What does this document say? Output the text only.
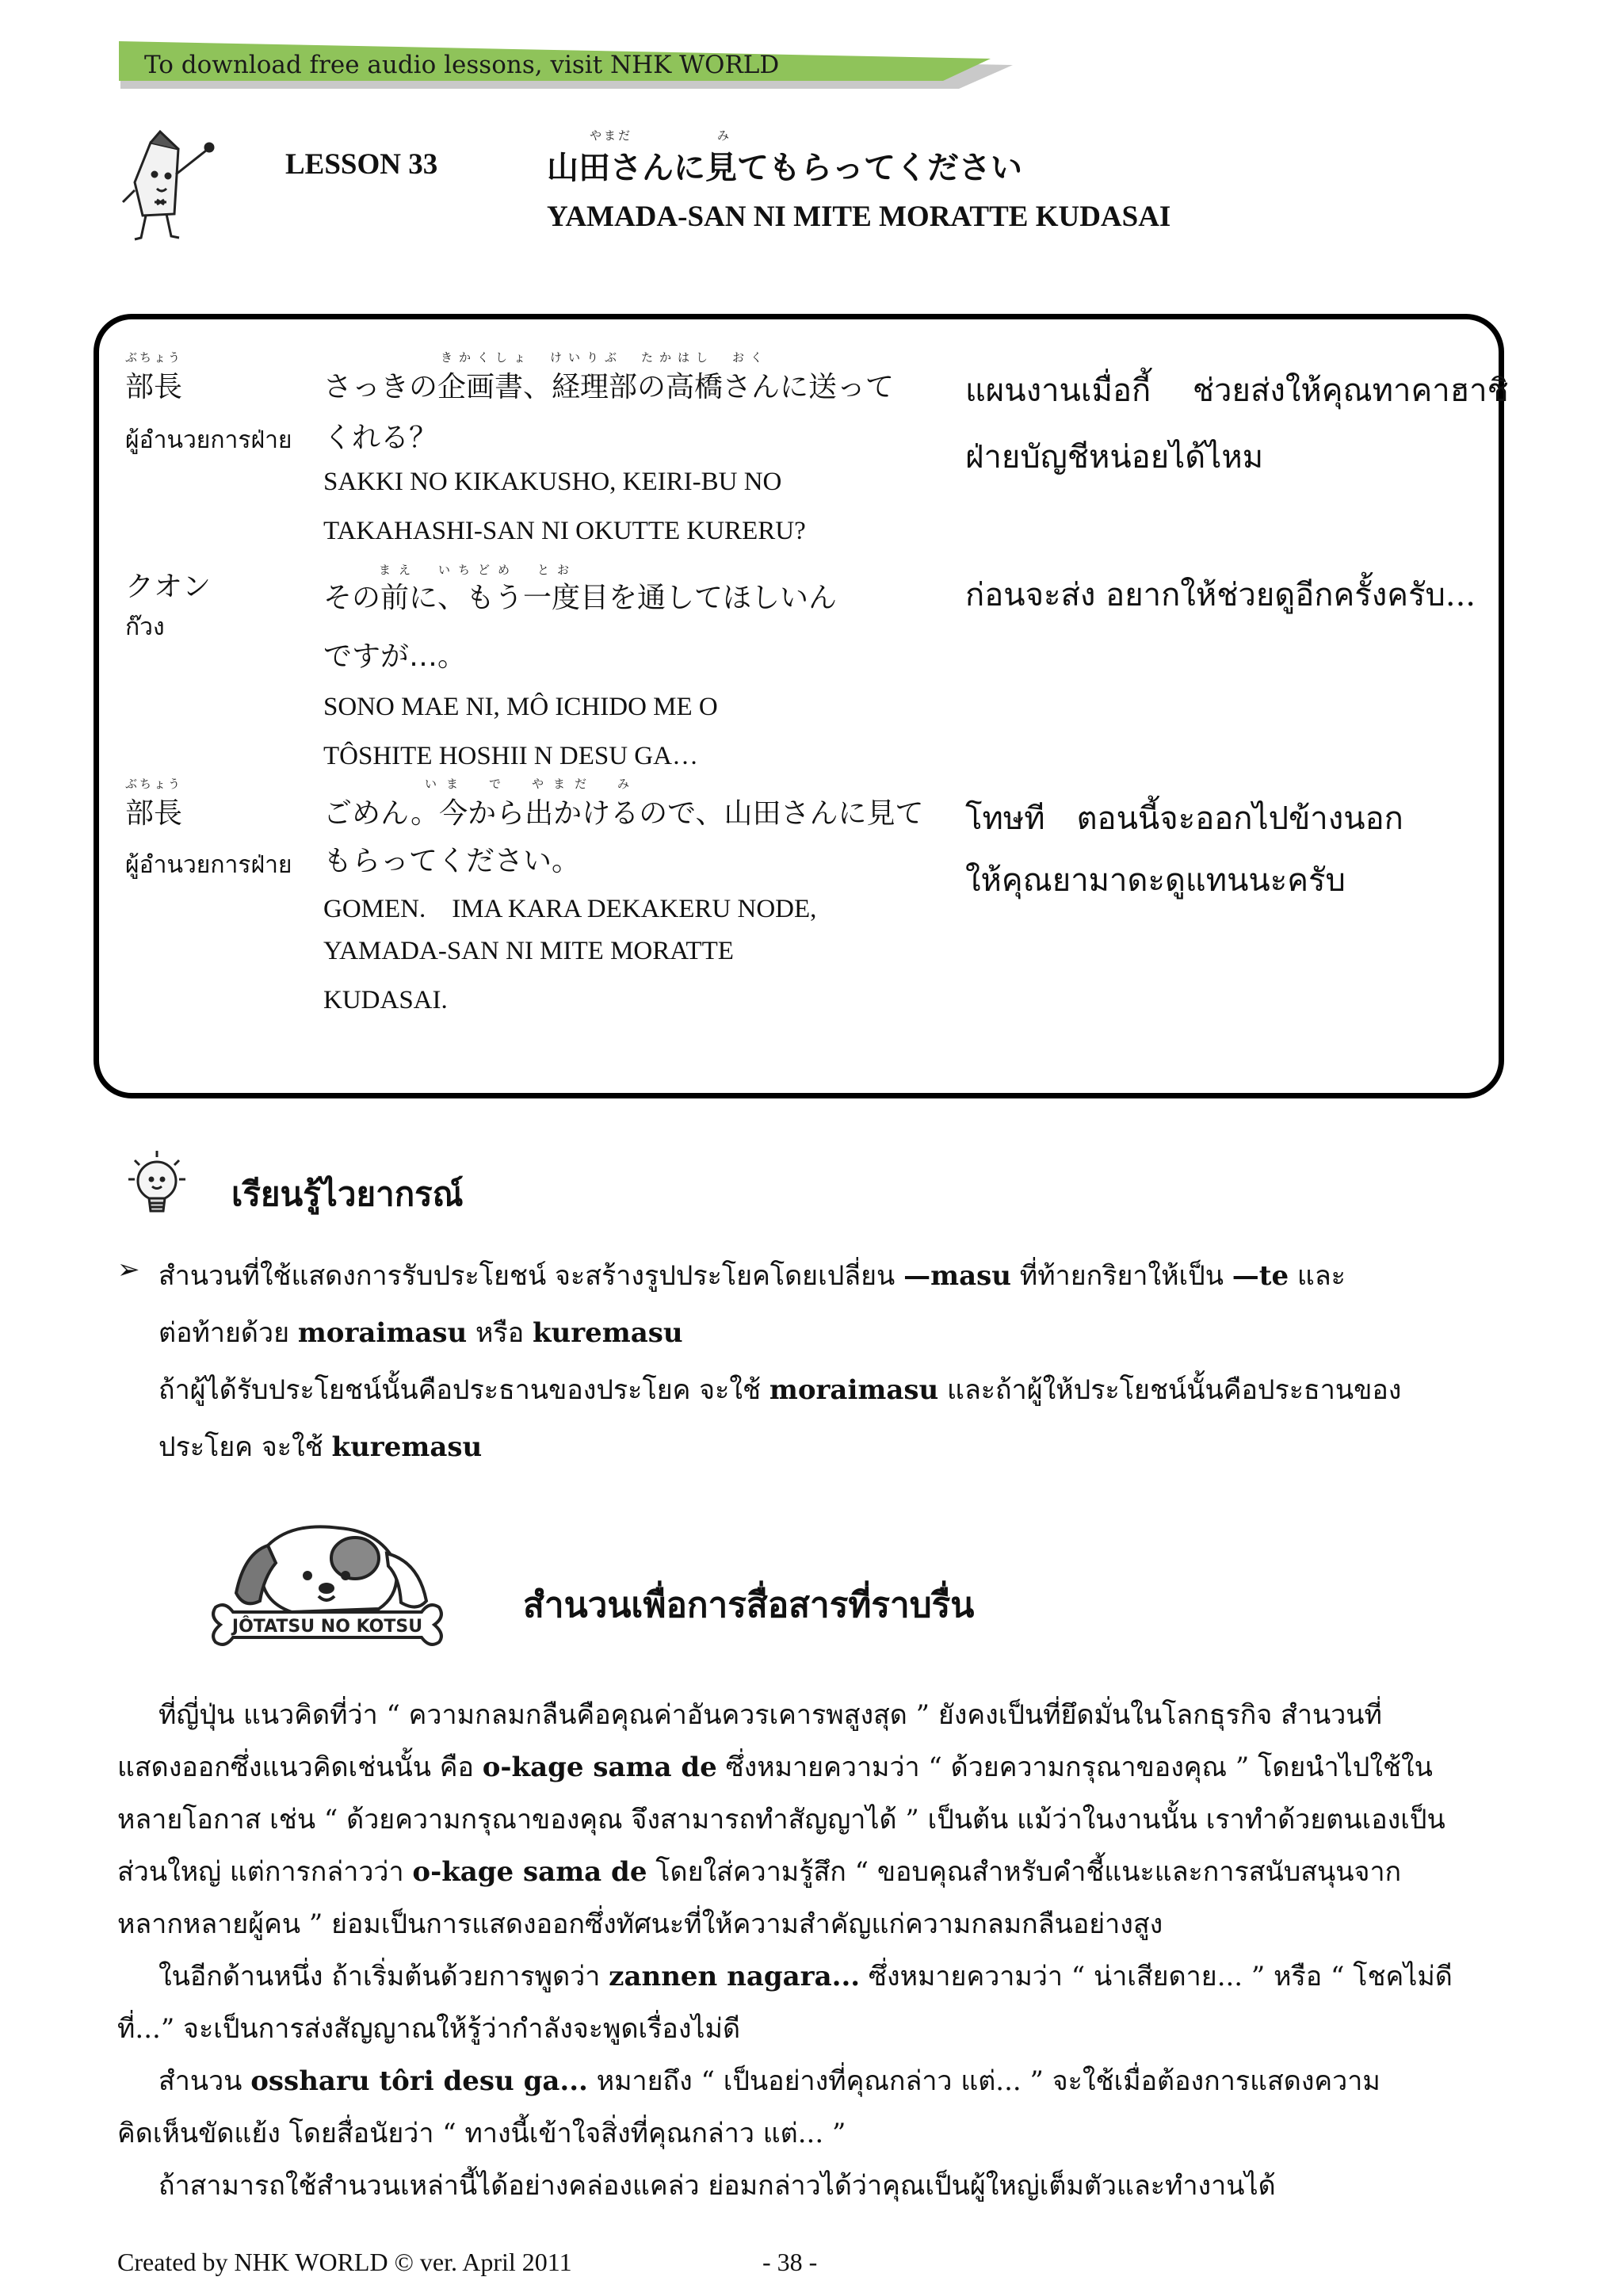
To download free audio lessons, visit NHK WORLD
LESSON 33
やまだ	み
山田さんに見てもらってください
YAMADA-SAN NI MITE MORATTE KUDASAI
ぶちょう
部長
ผู้อำนวยการฝ่าย
きかくしょ　けいりぶ　たかはし　おく
さっきの企画書、経理部の高橋さんに送って
くれる？
SAKKI NO KIKAKUSHO, KEIRI-BU NO
TAKAHASHI-SAN NI OKUTTE KURERU?
แผนงานเมื่อกี้　 ช่วยส่งให้คุณทาคาฮาชิ
ฝ่ายบัญชีหน่อยได้ไหม
クオン
ก๊วง
まえ　いちどめ　とお
その前に、もう一度目を通してほしいん
ですが…。
SONO MAE NI, MÔ ICHIDO ME O
TÔSHITE HOSHII N DESU GA…
ก่อนจะส่ง อยากให้ช่วยดูอีกครั้งครับ...
ぶちょう
部長
ผู้อำนวยการฝ่าย
いま　で　やまだ　み
ごめん。今から出かけるので、山田さんに見て
もらってください。
GOMEN.　IMA KARA DEKAKERU NODE,
YAMADA-SAN NI MITE MORATTE
KUDASAI.
โทษที　ตอนนี้จะออกไปข้างนอก
ให้คุณยามาดะดูแทนนะครับ
เรียนรู้ไวยากรณ์
➢ สำนวนที่ใช้แสดงการรับประโยชน์ จะสร้างรูปประโยคโดยเปลี่ยน —masu ที่ท้ายกริยาให้เป็น —te และ
ต่อท้ายด้วย moraimasu หรือ kuremasu
ถ้าผู้ได้รับประโยชน์นั้นคือประธานของประโยค จะใช้ moraimasu และถ้าผู้ให้ประโยชน์นั้นคือประธานของ
ประโยค จะใช้ kuremasu
JÔTATSU NO KOTSU
สำนวนเพื่อการสื่อสารที่ราบรื่น
ที่ญี่ปุ่น แนวคิดที่ว่า “ ความกลมกลืนคือคุณค่าอันควรเคารพสูงสุด ” ยังคงเป็นที่ยึดมั่นในโลกธุรกิจ สำนวนที่
แสดงออกซึ่งแนวคิดเช่นนั้น คือ o-kage sama de ซึ่งหมายความว่า “ ด้วยความกรุณาของคุณ ” โดยนำไปใช้ใน
หลายโอกาส เช่น “ ด้วยความกรุณาของคุณ จึงสามารถทำสัญญาได้ ” เป็นต้น แม้ว่าในงานนั้น เราทำด้วยตนเองเป็น
ส่วนใหญ่ แต่การกล่าวว่า o-kage sama de โดยใส่ความรู้สึก “ ขอบคุณสำหรับคำชี้แนะและการสนับสนุนจาก
หลากหลายผู้คน ” ย่อมเป็นการแสดงออกซึ่งทัศนะที่ให้ความสำคัญแก่ความกลมกลืนอย่างสูง
ในอีกด้านหนึ่ง ถ้าเริ่มต้นด้วยการพูดว่า zannen nagara... ซึ่งหมายความว่า “ น่าเสียดาย... ” หรือ “ โชคไม่ดี
ที่...” จะเป็นการส่งสัญญาณให้รู้ว่ากำลังจะพูดเรื่องไม่ดี
สำนวน ossharu tôri desu ga... หมายถึง “ เป็นอย่างที่คุณกล่าว แต่... ” จะใช้เมื่อต้องการแสดงความ
คิดเห็นขัดแย้ง โดยสื่อนัยว่า “ ทางนี้เข้าใจสิ่งที่คุณกล่าว แต่... ”
ถ้าสามารถใช้สำนวนเหล่านี้ได้อย่างคล่องแคล่ว ย่อมกล่าวได้ว่าคุณเป็นผู้ใหญ่เต็มตัวและทำงานได้
Created by NHK WORLD © ver. April 2011	- 38 -
